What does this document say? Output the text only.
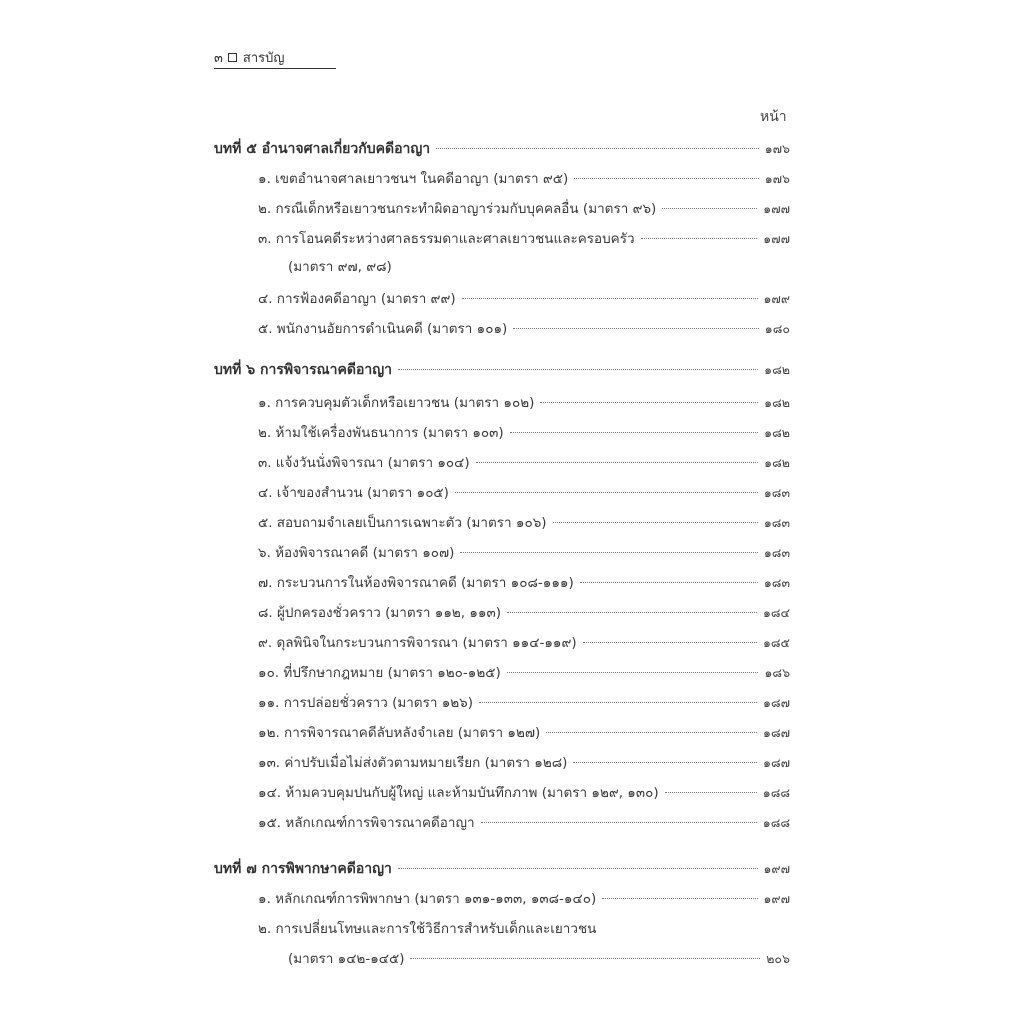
๓ สารบัญ
หน้า
บทที่ ๕ อำนาจศาลเกี่ยวกับคดีอาญา	๑๗๖
๑. เขตอำนาจศาลเยาวชนฯ ในคดีอาญา (มาตรา ๙๕)	๑๗๖
๒. กรณีเด็กหรือเยาวชนกระทำผิดอาญาร่วมกับบุคคลอื่น (มาตรา ๙๖)	๑๗๗
๓. การโอนคดีระหว่างศาลธรรมดาและศาลเยาวชนและครอบครัว	๑๗๗
(มาตรา ๙๗, ๙๘)
๔. การฟ้องคดีอาญา (มาตรา ๙๙)	๑๗๙
๕. พนักงานอัยการดำเนินคดี (มาตรา ๑๐๑)	๑๘๐
บทที่ ๖ การพิจารณาคดีอาญา	๑๘๒
๑. การควบคุมตัวเด็กหรือเยาวชน (มาตรา ๑๐๒)	๑๘๒
๒. ห้ามใช้เครื่องพันธนาการ (มาตรา ๑๐๓)	๑๘๒
๓. แจ้งวันนั่งพิจารณา (มาตรา ๑๐๔)	๑๘๒
๔. เจ้าของสำนวน (มาตรา ๑๐๕)	๑๘๓
๕. สอบถามจำเลยเป็นการเฉพาะตัว (มาตรา ๑๐๖)	๑๘๓
๖. ห้องพิจารณาคดี (มาตรา ๑๐๗)	๑๘๓
๗. กระบวนการในห้องพิจารณาคดี (มาตรา ๑๐๘-๑๑๑)	๑๘๓
๘. ผู้ปกครองชั่วคราว (มาตรา ๑๑๒, ๑๑๓)	๑๘๔
๙. ดุลพินิจในกระบวนการพิจารณา (มาตรา ๑๑๔-๑๑๙)	๑๘๕
๑๐. ที่ปรึกษากฎหมาย (มาตรา ๑๒๐-๑๒๕)	๑๘๖
๑๑. การปล่อยชั่วคราว (มาตรา ๑๒๖)	๑๘๗
๑๒. การพิจารณาคดีลับหลังจำเลย (มาตรา ๑๒๗)	๑๘๗
๑๓. ค่าปรับเมื่อไม่ส่งตัวตามหมายเรียก (มาตรา ๑๒๘)	๑๘๗
๑๔. ห้ามควบคุมปนกับผู้ใหญ่ และห้ามบันทึกภาพ (มาตรา ๑๒๙, ๑๓๐)	๑๘๘
๑๕. หลักเกณฑ์การพิจารณาคดีอาญา	๑๘๘
บทที่ ๗ การพิพากษาคดีอาญา	๑๙๗
๑. หลักเกณฑ์การพิพากษา (มาตรา ๑๓๑-๑๓๓, ๑๓๘-๑๔๐)	๑๙๗
๒. การเปลี่ยนโทษและการใช้วิธีการสำหรับเด็กและเยาวชน
(มาตรา ๑๔๒-๑๔๕)	๒๐๖
